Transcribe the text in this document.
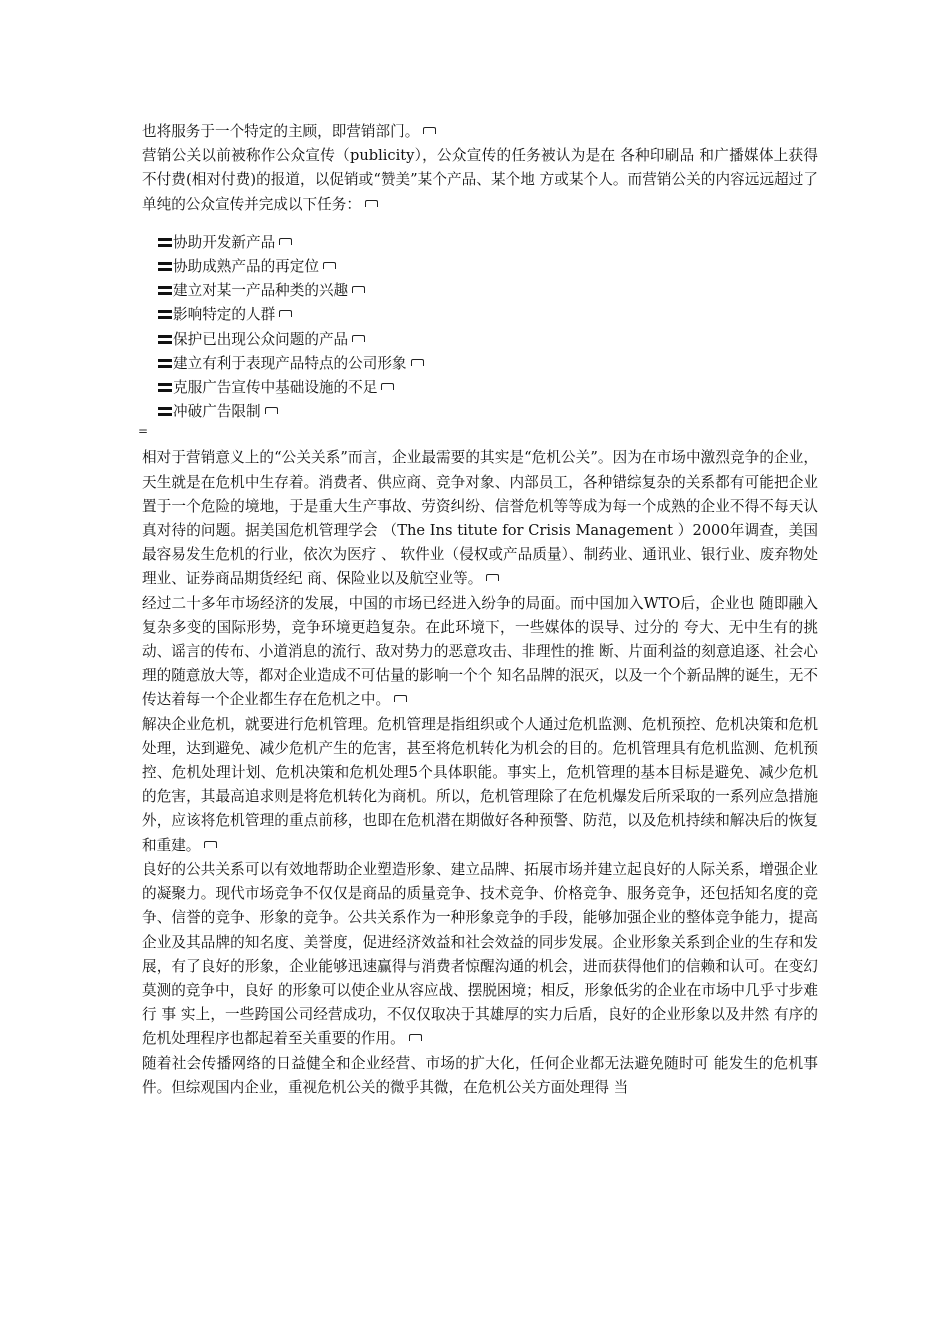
也将服务于一个特定的主顾，即营销部门。

营销公关以前被称作公众宣传（publicity），公众宣传的任务被认为是在 各种印刷品 和广播媒体上获得不付费(相对付费)的报道，以促销或“赞美”某个产品、某个地 方或某个人。而营销公关的内容远远超过了单纯的公众宣传并完成以下任务：

协助开发新产品
协助成熟产品的再定位
建立对某一产品种类的兴趣
影响特定的人群
保护已出现公众问题的产品
建立有利于表现产品特点的公司形象
克服广告宣传中基础设施的不足
冲破广告限制
=

相对于营销意义上的“公关关系”而言，企业最需要的其实是“危机公关”。因为在市场中激烈竞争的企业，天生就是在危机中生存着。消费者、供应商、竞争对象、内部员工，各种错综复杂的关系都有可能把企业置于一个危险的境地，于是重大生产事故、劳资纠纷、信誉危机等等成为每一个成熟的企业不得不每天认真对待的问题。据美国危机管理学会 （The Ins titute for Crisis Management ）2000年调查，美国最容易发生危机的行业，依次为医疗 、 软件业（侵权或产品质量）、制药业、通讯业、银行业、废弃物处理业、证券商品期货经纪 商、保险业以及航空业等。

经过二十多年市场经济的发展，中国的市场已经进入纷争的局面。而中国加入WTO后，企业也 随即融入复杂多变的国际形势，竞争环境更趋复杂。在此环境下，一些媒体的误导、过分的 夸大、无中生有的挑动、谣言的传布、小道消息的流行、敌对势力的恶意攻击、非理性的推 断、片面利益的刻意追逐、社会心理的随意放大等，都对企业造成不可估量的影响一个个 知名品牌的泯灭，以及一个个新品牌的诞生，无不传达着每一个企业都生存在危机之中。

解决企业危机，就要进行危机管理。危机管理是指组织或个人通过危机监测、危机预控、危机决策和危机处理，达到避免、减少危机产生的危害，甚至将危机转化为机会的目的。危机管理具有危机监测、危机预控、危机处理计划、危机决策和危机处理5个具体职能。事实上，危机管理的基本目标是避免、减少危机的危害，其最高追求则是将危机转化为商机。所以，危机管理除了在危机爆发后所采取的一系列应急措施外，应该将危机管理的重点前移，也即在危机潜在期做好各种预警、防范，以及危机持续和解决后的恢复和重建。

良好的公共关系可以有效地帮助企业塑造形象、建立品牌、拓展市场并建立起良好的人际关系，增强企业的凝聚力。现代市场竞争不仅仅是商品的质量竞争、技术竞争、价格竞争、服务竞争，还包括知名度的竞争、信誉的竞争、形象的竞争。公共关系作为一种形象竞争的手段，能够加强企业的整体竞争能力，提高企业及其品牌的知名度、美誉度，促进经济效益和社会效益的同步发展。企业形象关系到企业的生存和发展，有了良好的形象，企业能够迅速赢得与消费者惊醒沟通的机会，进而获得他们的信赖和认可。在变幻莫测的竞争中，良好 的形象可以使企业从容应战、摆脱困境；相反，形象低劣的企业在市场中几乎寸步难行 事 实上，一些跨国公司经营成功，不仅仅取决于其雄厚的实力后盾，良好的企业形象以及井然 有序的危机处理程序也都起着至关重要的作用。

随着社会传播网络的日益健全和企业经营、市场的扩大化，任何企业都无法避免随时可 能发生的危机事件。但综观国内企业，重视危机公关的微乎其微，在危机公关方面处理得 当
